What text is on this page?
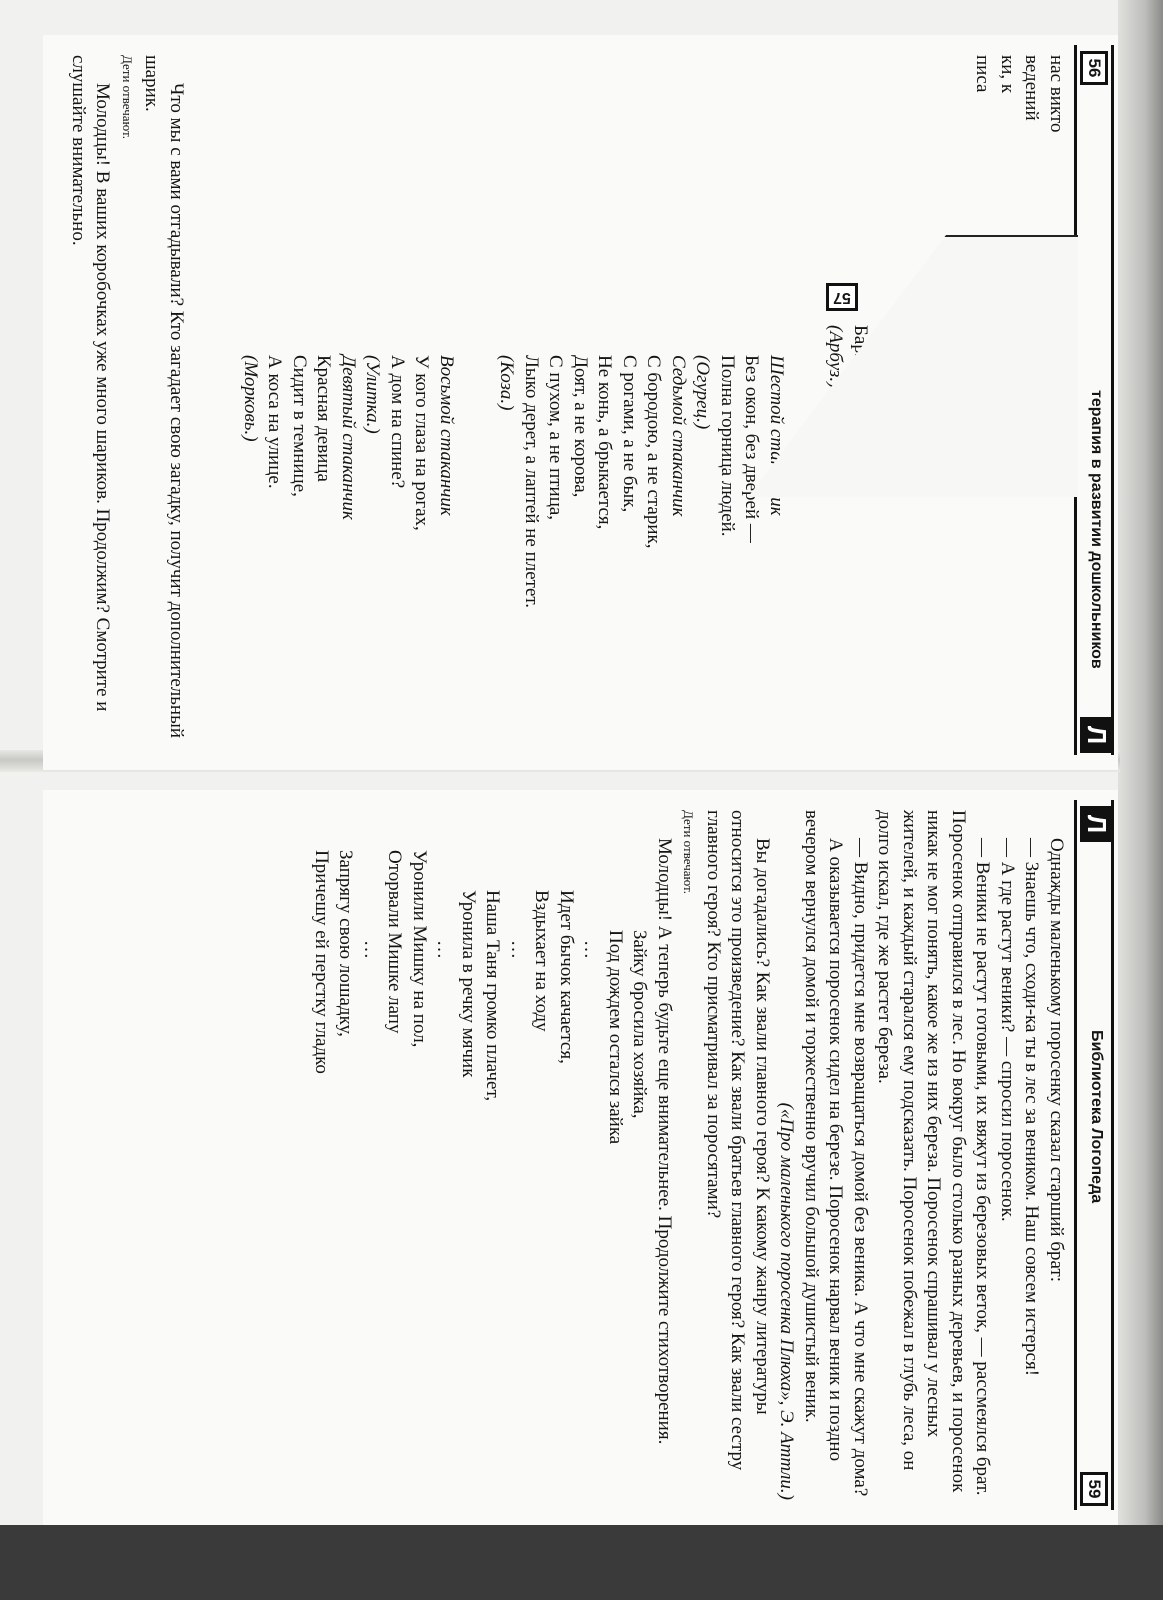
56
терапия в развитии дошкольников
Л

нас викто

ведений

ки, к

писа

(Арбуз.)

Шестой стаканчик

Без окон, без дверей —

Полна горница людей.

(Огурец.)

Седьмой стаканчик

С бородою, а не старик,

С рогами, а не бык,

Не конь, а брыкается,

Доят, а не корова,

С пухом, а не птица,

Лыко дерет, а лаптей не плетет.

(Коза.)

Восьмой стаканчик

У кого глаза на рогах,

А дом на спине?

(Улитка.)

Девятый стаканчик

Красная девица

Сидит в темнице,

А коса на улице.

(Морковь.)

Что мы с вами отгадывали? Кто загадает свою загадку, получит дополнительный шарик.

Дети отвечают.

Молодцы! В ваших коробочках уже много шариков. Продолжим? Смотрите и слушайте внимательно.

57
Л
Библиотека Логопеда
59

Однажды маленькому поросенку сказал старший брат:

— Знаешь что, сходи-ка ты в лес за веником. Наш совсем истерся!

— А где растут веники? — спросил поросенок.

— Веники не растут готовыми, их вяжут из березовых веток, — рассмеялся брат. Поросенок отправился в лес. Но вокруг было столько разных деревьев, и поросенок никак не мог понять, какое же из них береза. Поросенок спрашивал у лесных жителей, и каждый старался ему подсказать. Поросенок побежал в глубь леса, он долго искал, где же растет береза.

— Видно, придется мне возвращаться домой без веника. А что мне скажут дома?

А оказывается поросенок сидел на березе. Поросенок нарвал веник и поздно вечером вернулся домой и торжественно вручил большой душистый веник.

(«Про маленького поросенка Плюха», Э. Аттли.)

Вы догадались? Как звали главного героя? К какому жанру литературы относится это произведение? Как звали братьев главного героя? Как звали сестру главного героя? Кто присматривал за поросятами?

Дети отвечают.

Молодцы! А теперь будьте еще внимательнее. Продолжите стихотворения.

Зайку бросила хозяйка,

Под дождем остался зайка

…

Идет бычок качается,

Вздыхает на ходу

…

Наша Таня громко плачет,

Уронила в речку мячик

…

Уронили Мишку на пол,

Оторвали Мишке лапу

…

Запрягу свою лошадку,

Причешу ей перстку гладко
